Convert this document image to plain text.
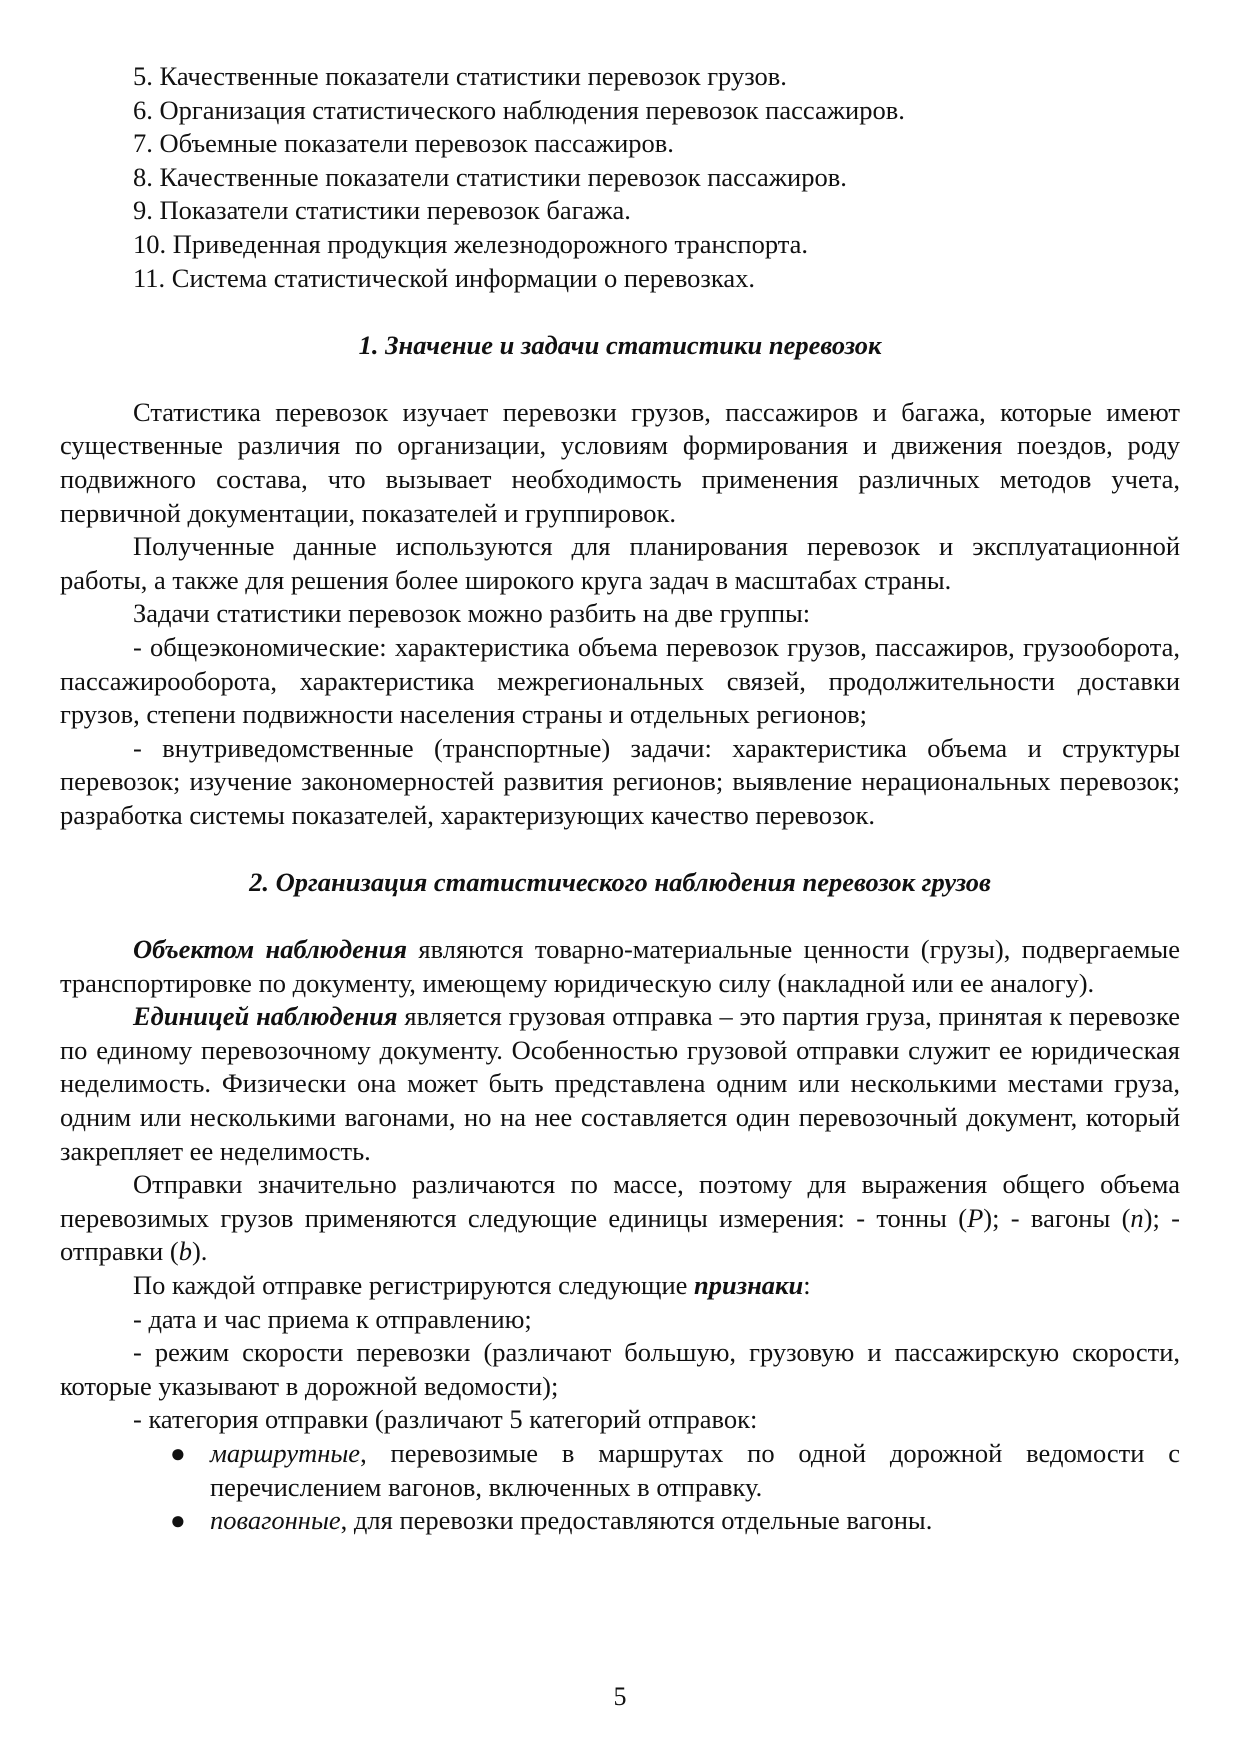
5. Качественные показатели статистики перевозок грузов.
6. Организация статистического наблюдения перевозок пассажиров.
7. Объемные показатели перевозок пассажиров.
8. Качественные показатели статистики перевозок пассажиров.
9. Показатели статистики перевозок багажа.
10. Приведенная продукция железнодорожного транспорта.
11. Система статистической информации о перевозках.
1. Значение и задачи статистики перевозок

Статистика перевозок изучает перевозки грузов, пассажиров и багажа, которые имеют существенные различия по организации, условиям формирования и движения поездов, роду подвижного состава, что вызывает необходимость применения различных методов учета, первичной документации, показателей и группировок.

Полученные данные используются для планирования перевозок и эксплуатационной работы, а также для решения более широкого круга задач в масштабах страны.

Задачи статистики перевозок можно разбить на две группы:

- общеэкономические: характеристика объема перевозок грузов, пассажиров, грузооборота, пассажирооборота, характеристика межрегиональных связей, продолжительности доставки грузов, степени подвижности населения страны и отдельных регионов;

- внутриведомственные (транспортные) задачи: характеристика объема и структуры перевозок; изучение закономерностей развития регионов; выявление нерациональных перевозок; разработка системы показателей, характеризующих качество перевозок.

2. Организация статистического наблюдения перевозок грузов

Объектом наблюдения являются товарно-материальные ценности (грузы), подвергаемые транспортировке по документу, имеющему юридическую силу (накладной или ее аналогу).

Единицей наблюдения является грузовая отправка – это партия груза, принятая к перевозке по единому перевозочному документу. Особенностью грузовой отправки служит ее юридическая неделимость. Физически она может быть представлена одним или несколькими местами груза, одним или несколькими вагонами, но на нее составляется один перевозочный документ, который закрепляет ее неделимость.

Отправки значительно различаются по массе, поэтому для выражения общего объема перевозимых грузов применяются следующие единицы измерения: - тонны (P); - вагоны (n); - отправки (b).

По каждой отправке регистрируются следующие признаки:

- дата и час приема к отправлению;

- режим скорости перевозки (различают большую, грузовую и пассажирскую скорости, которые указывают в дорожной ведомости);

- категория отправки (различают 5 категорий отправок:

● маршрутные, перевозимые в маршрутах по одной дорожной ведомости с перечислением вагонов, включенных в отправку.
● повагонные, для перевозки предоставляются отдельные вагоны.
5
